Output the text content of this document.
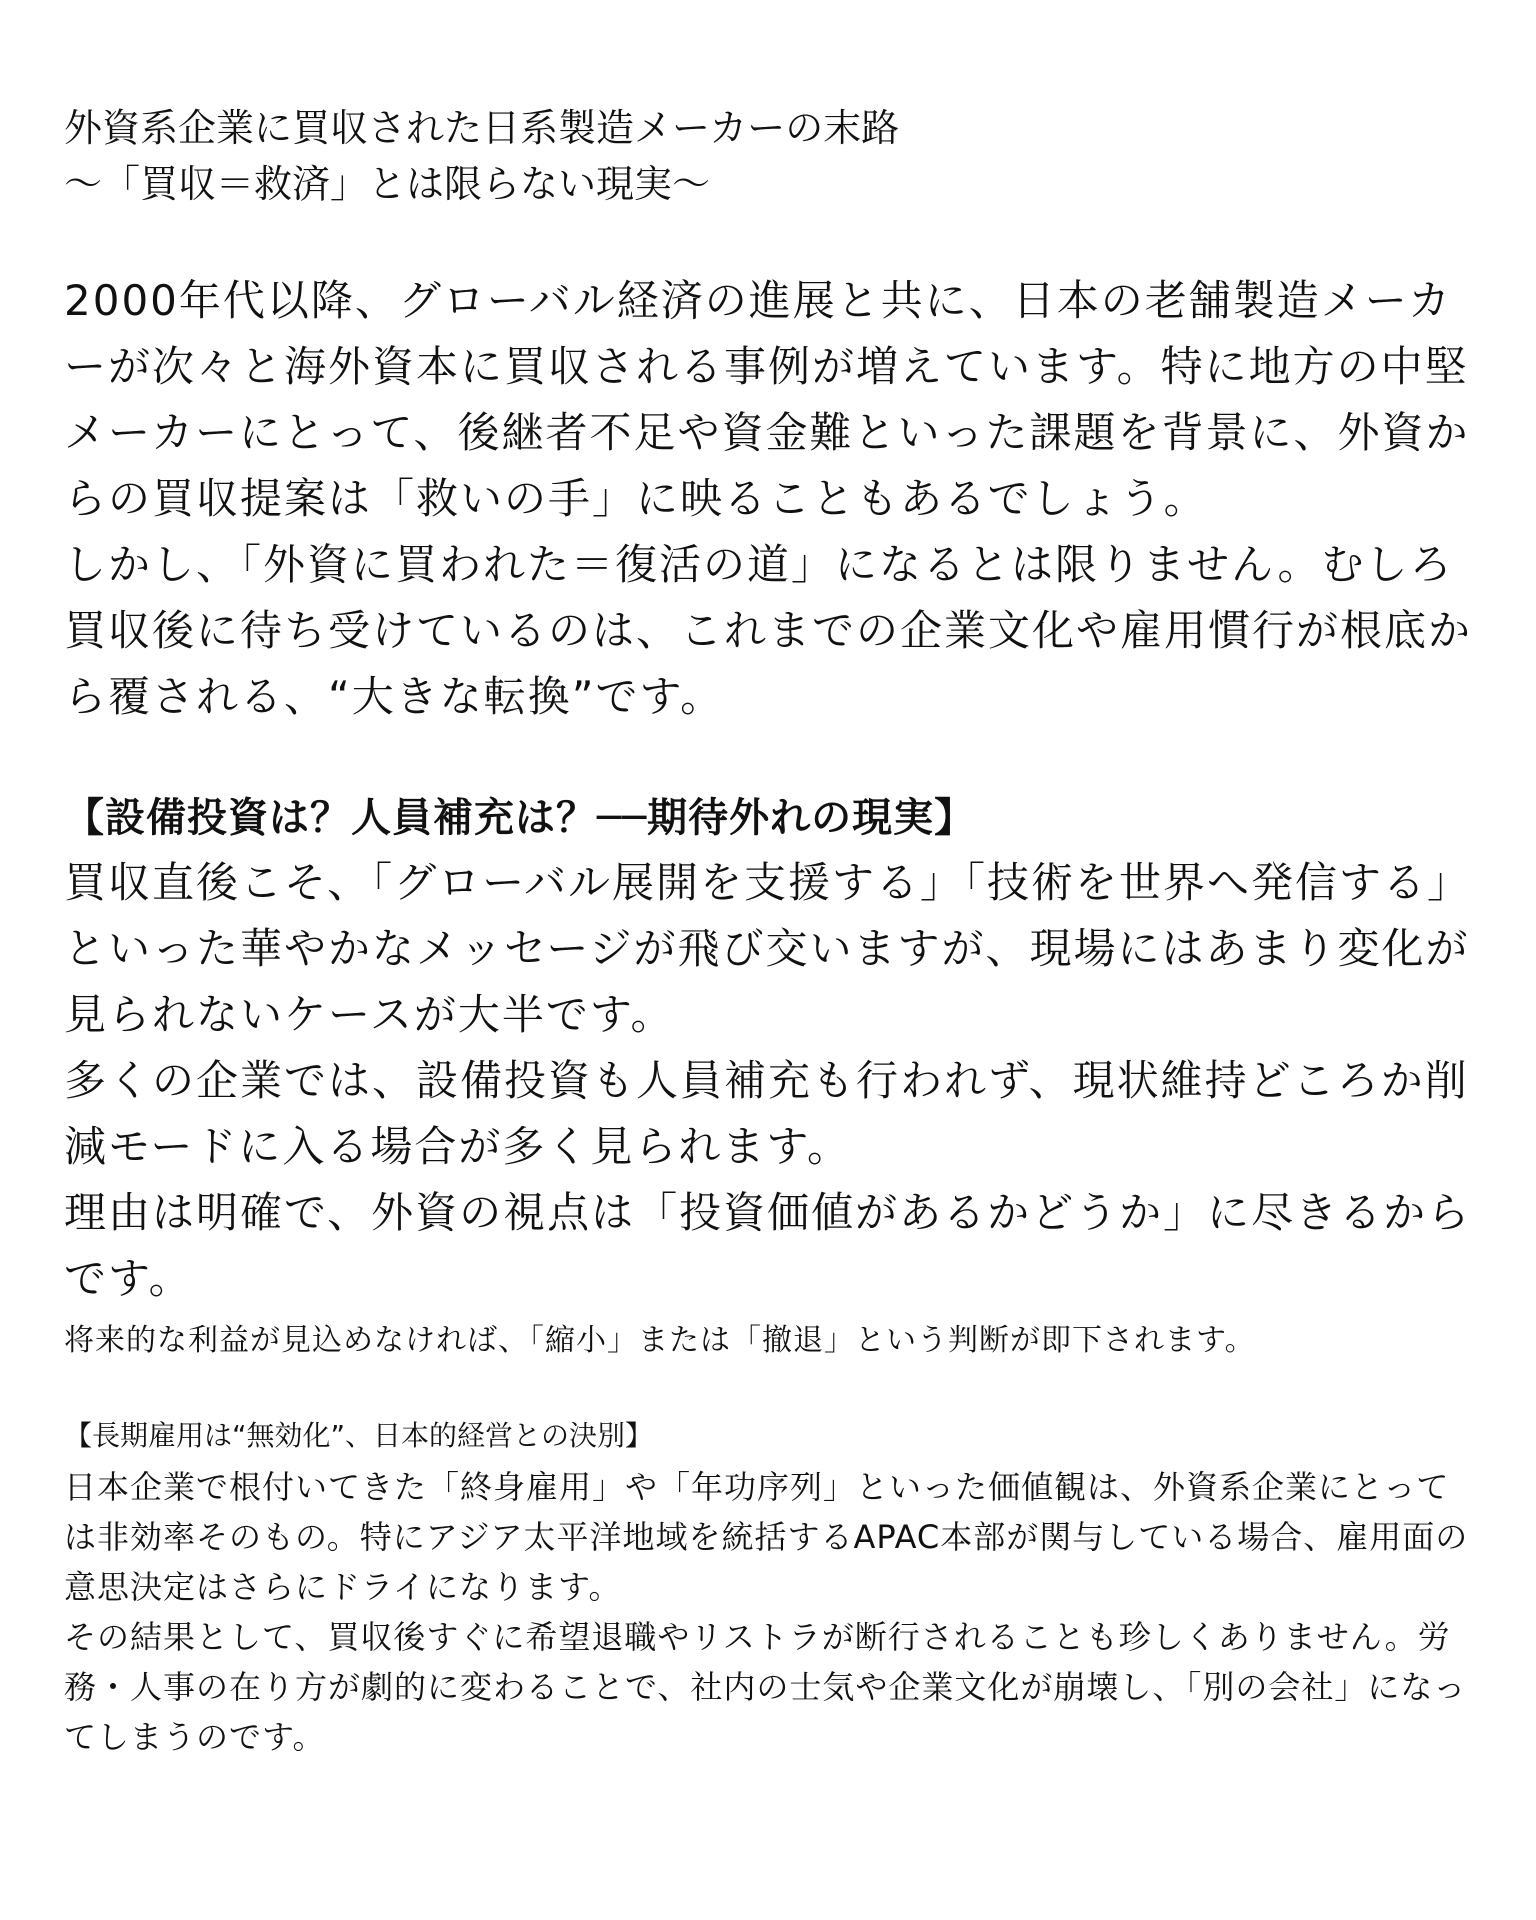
外資系企業に買収された日系製造メーカーの末路

〜「買収＝救済」とは限らない現実〜

2000年代以降、グローバル経済の進展と共に、日本の老舗製造メーカーが次々と海外資本に買収される事例が増えています。特に地方の中堅メーカーにとって、後継者不足や資金難といった課題を背景に、外資からの買収提案は「救いの手」に映ることもあるでしょう。

しかし、「外資に買われた＝復活の道」になるとは限りません。むしろ買収後に待ち受けているのは、これまでの企業文化や雇用慣行が根底から覆される、“大きな転換”です。

【設備投資は？人員補充は？──期待外れの現実】

買収直後こそ、「グローバル展開を支援する」「技術を世界へ発信する」といった華やかなメッセージが飛び交いますが、現場にはあまり変化が見られないケースが大半です。

多くの企業では、設備投資も人員補充も行われず、現状維持どころか削減モードに入る場合が多く見られます。

理由は明確で、外資の視点は「投資価値があるかどうか」に尽きるからです。

将来的な利益が見込めなければ、「縮小」または「撤退」という判断が即下されます。

【長期雇用は“無効化”、日本的経営との決別】

日本企業で根付いてきた「終身雇用」や「年功序列」といった価値観は、外資系企業にとっては非効率そのもの。特にアジア太平洋地域を統括するAPAC本部が関与している場合、雇用面の意思決定はさらにドライになります。

その結果として、買収後すぐに希望退職やリストラが断行されることも珍しくありません。労務・人事の在り方が劇的に変わることで、社内の士気や企業文化が崩壊し、「別の会社」になってしまうのです。
